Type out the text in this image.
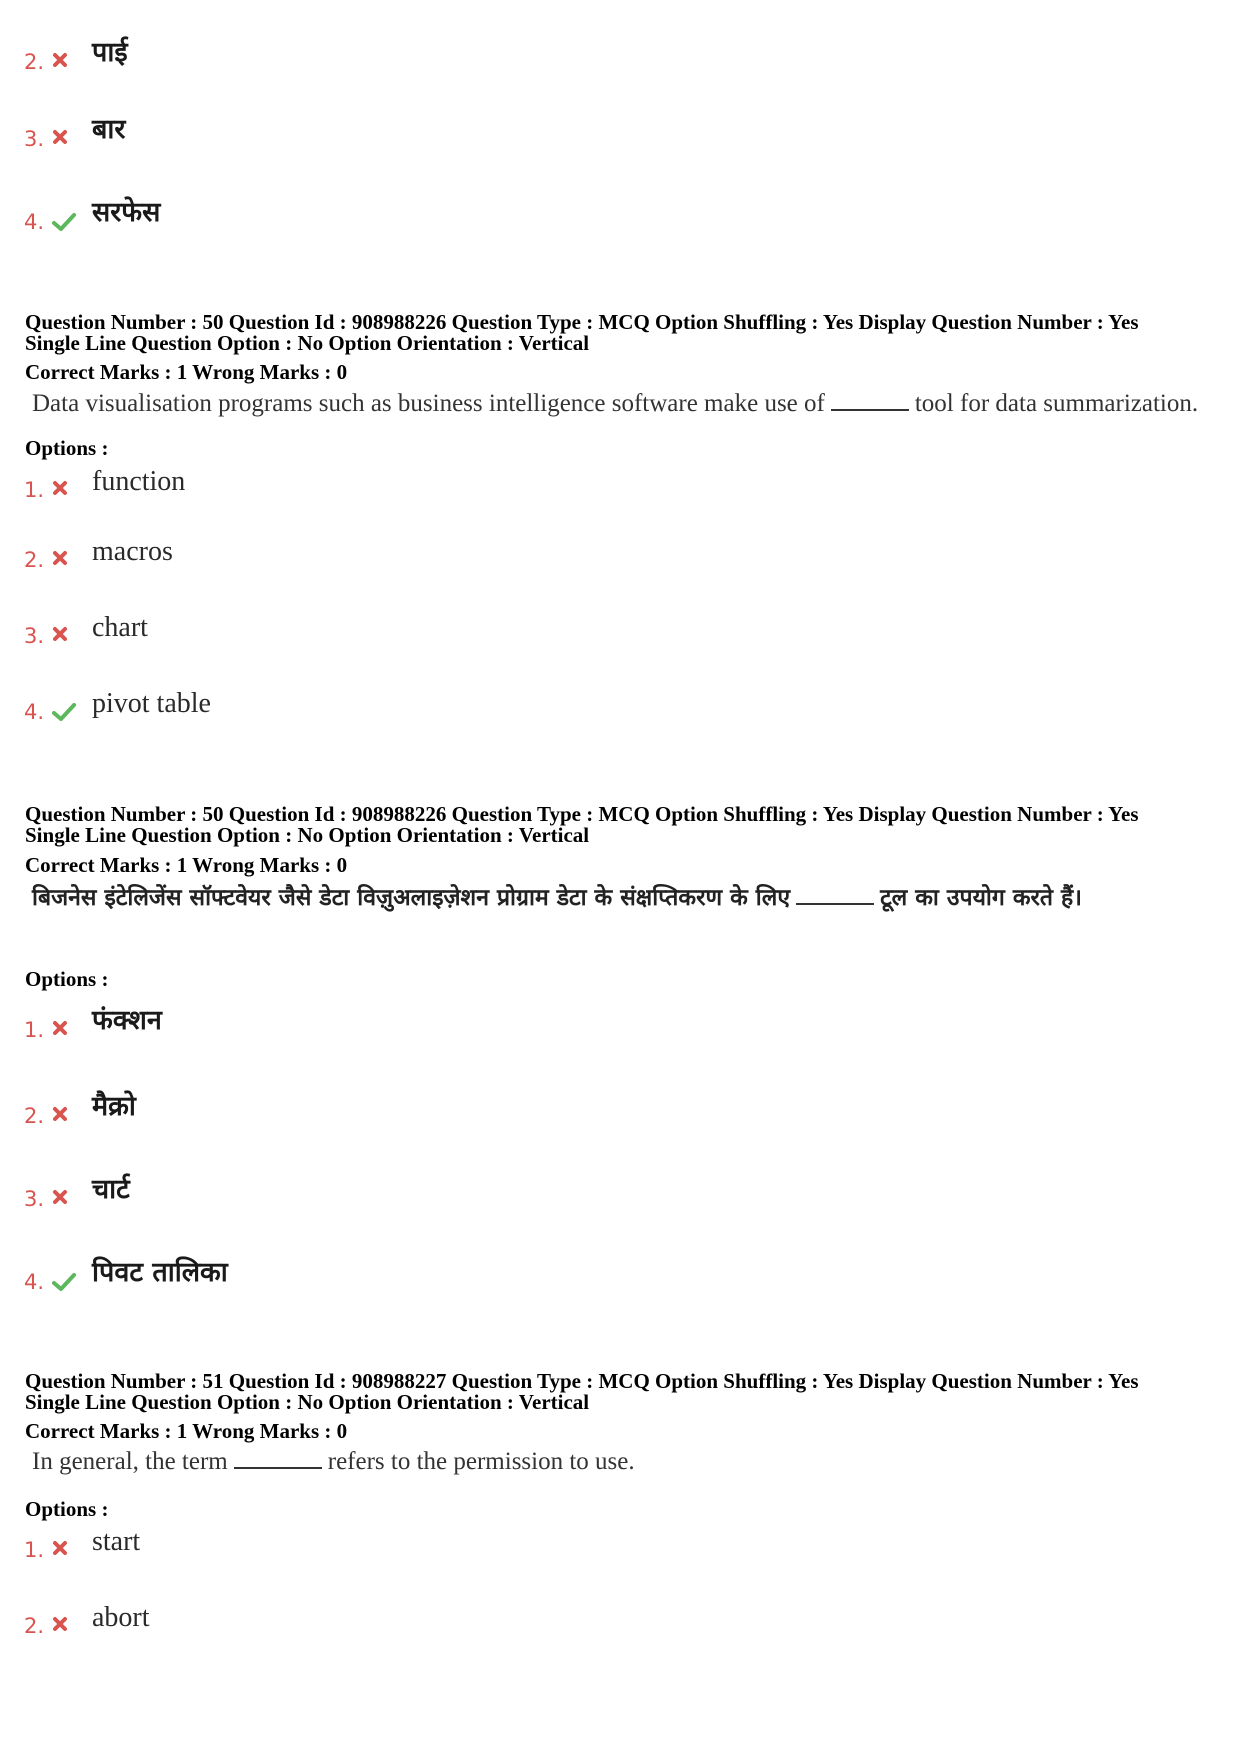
2. पाई
3. बार
4. सरफेस
Question Number : 50 Question Id : 908988226 Question Type : MCQ Option Shuffling : Yes Display Question Number : Yes
Single Line Question Option : No Option Orientation : Vertical
Correct Marks : 1 Wrong Marks : 0
Data visualisation programs such as business intelligence software make use of	tool for data summarization.
Options :
1. function
2. macros
3. chart
4. pivot table
Question Number : 50 Question Id : 908988226 Question Type : MCQ Option Shuffling : Yes Display Question Number : Yes
Single Line Question Option : No Option Orientation : Vertical
Correct Marks : 1 Wrong Marks : 0
बिजनेस इंटेलिजेंस सॉफ्टवेयर जैसे डेटा विज़ुअलाइज़ेशन प्रोग्राम डेटा के संक्षप्तिकरण के लिए	टूल का उपयोग करते हैं।
Options :
1. फंक्शन
2. मैक्रो
3. चार्ट
4. पिवट तालिका
Question Number : 51 Question Id : 908988227 Question Type : MCQ Option Shuffling : Yes Display Question Number : Yes
Single Line Question Option : No Option Orientation : Vertical
Correct Marks : 1 Wrong Marks : 0
In general, the term	refers to the permission to use.
Options :
1. start
2. abort
